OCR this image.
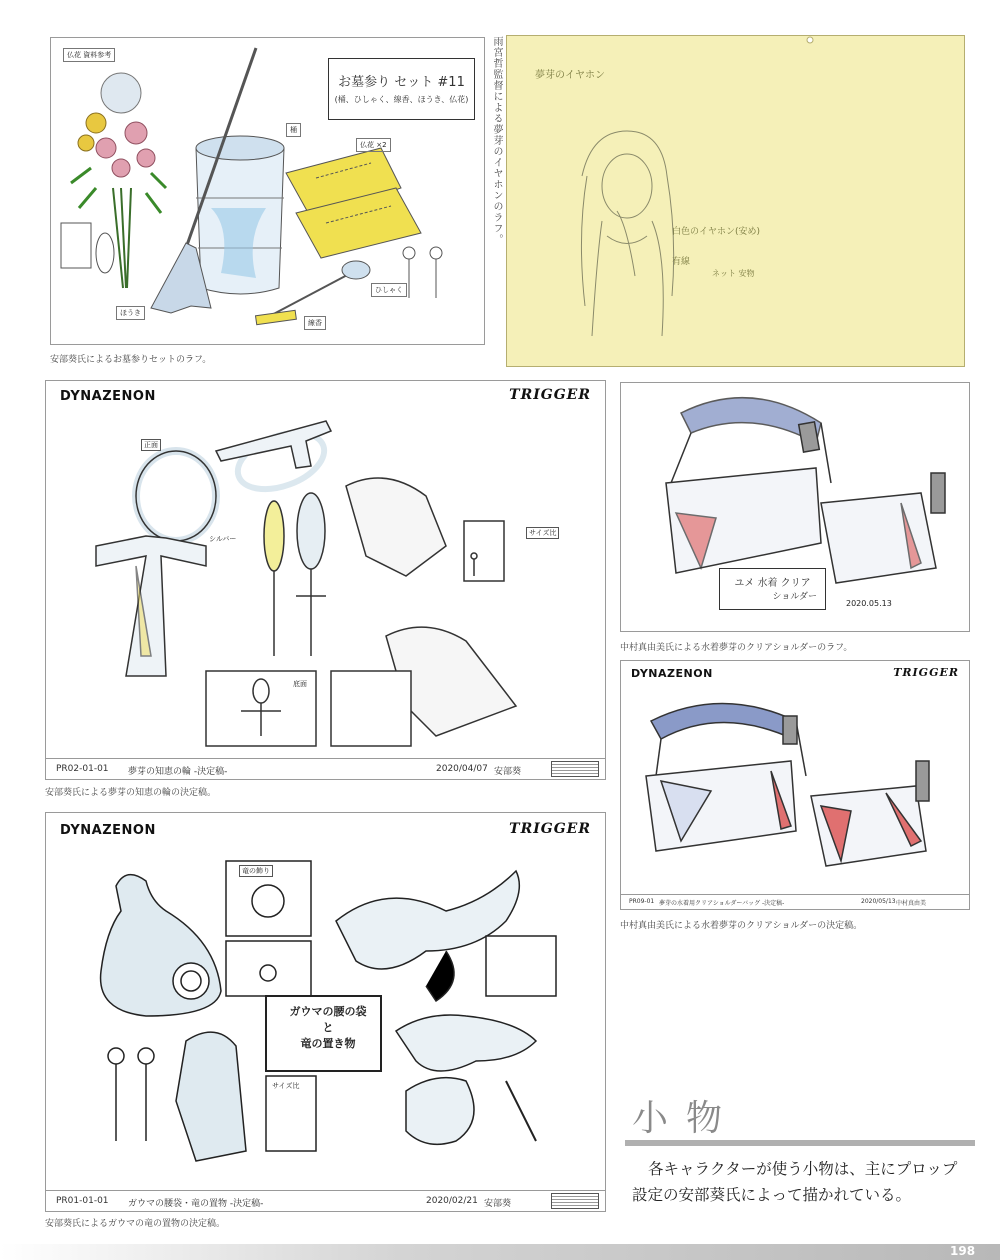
お墓参り セット #11
(桶、ひしゃく、線香、ほうき、仏花)
仏花 資料参考
桶
仏花 ×2
ほうき
ひしゃく
線香
安部葵氏によるお墓参りセットのラフ。
雨宮哲監督による夢芽のイヤホンのラフ。	夢芽のイヤホン
白色のイヤホン(安め)
有線
ネット 安物
DYNAZENON	TRIGGER
正面
サイズ比
底面
シルバー
PR02-01-01 夢芽の知恵の輪 -決定稿-	2020/04/07 安部葵
安部葵氏による夢芽の知恵の輪の決定稿。
DYNAZENON	TRIGGER
ガウマの腰の袋
と
竜の置き物
竜の飾り
サイズ比
PR01-01-01 ガウマの腰袋・竜の置物 -決定稿-	2020/02/21 安部葵
安部葵氏によるガウマの竜の置物の決定稿。
ユメ 水着 クリア
ショルダー
2020.05.13
中村真由美氏による水着夢芽のクリアショルダーのラフ。
DYNAZENON	TRIGGER
PR09-01 夢芽の水着用クリアショルダーバッグ -決定稿-	2020/05/13 中村真由美
中村真由美氏による水着夢芽のクリアショルダーの決定稿。
小物
各キャラクターが使う小物は、主にプロップ設定の安部葵氏によって描かれている。
198
